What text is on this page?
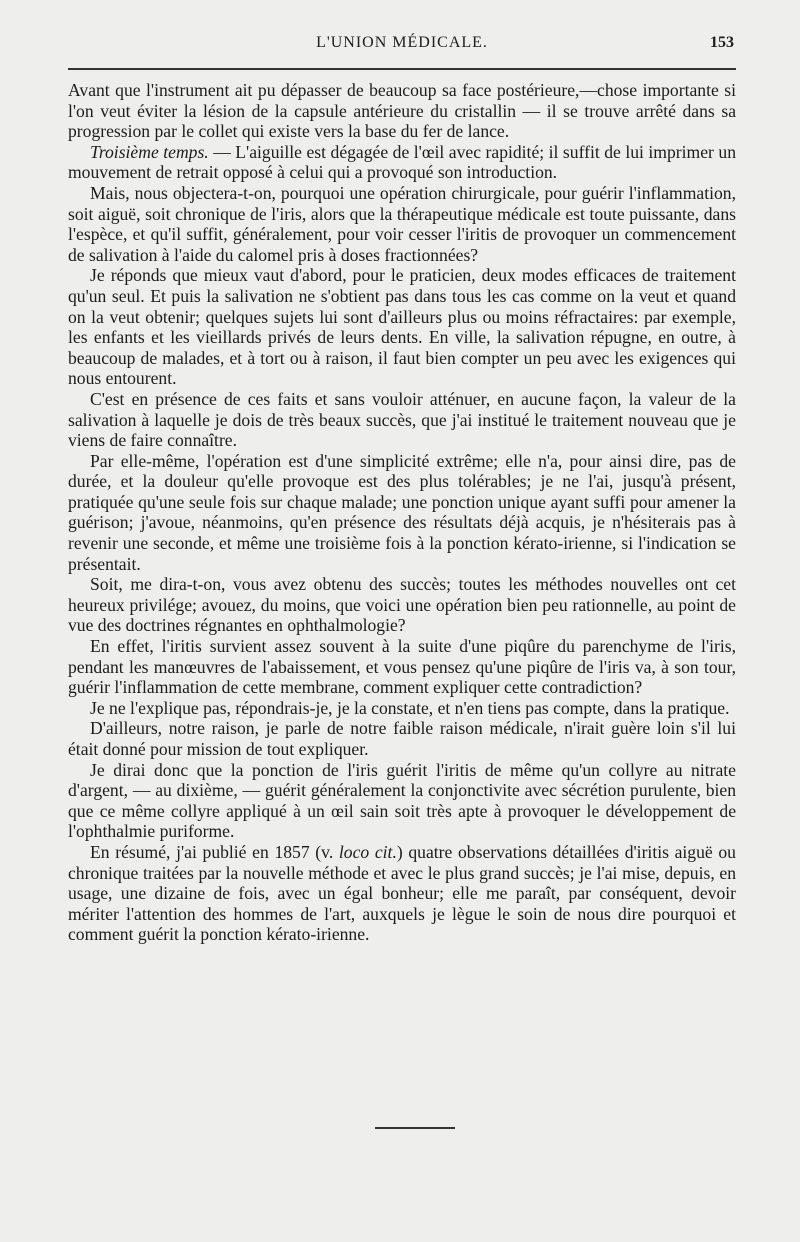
L'UNION MÉDICALE.	153

Avant que l'instrument ait pu dépasser de beaucoup sa face postérieure,—chose importante si l'on veut éviter la lésion de la capsule antérieure du cristallin — il se trouve arrêté dans sa progression par le collet qui existe vers la base du fer de lance.

Troisième temps. — L'aiguille est dégagée de l'œil avec rapidité; il suffit de lui imprimer un mouvement de retrait opposé à celui qui a provoqué son introduction.

Mais, nous objectera-t-on, pourquoi une opération chirurgicale, pour guérir l'inflammation, soit aiguë, soit chronique de l'iris, alors que la thérapeutique médicale est toute puissante, dans l'espèce, et qu'il suffit, généralement, pour voir cesser l'iritis de provoquer un commencement de salivation à l'aide du calomel pris à doses fractionnées?

Je réponds que mieux vaut d'abord, pour le praticien, deux modes efficaces de traitement qu'un seul. Et puis la salivation ne s'obtient pas dans tous les cas comme on la veut et quand on la veut obtenir; quelques sujets lui sont d'ailleurs plus ou moins réfractaires: par exemple, les enfants et les vieillards privés de leurs dents. En ville, la salivation répugne, en outre, à beaucoup de malades, et à tort ou à raison, il faut bien compter un peu avec les exigences qui nous entourent.

C'est en présence de ces faits et sans vouloir atténuer, en aucune façon, la valeur de la salivation à laquelle je dois de très beaux succès, que j'ai institué le traitement nouveau que je viens de faire connaître.

Par elle-même, l'opération est d'une simplicité extrême; elle n'a, pour ainsi dire, pas de durée, et la douleur qu'elle provoque est des plus tolérables; je ne l'ai, jusqu'à présent, pratiquée qu'une seule fois sur chaque malade; une ponction unique ayant suffi pour amener la guérison; j'avoue, néanmoins, qu'en présence des résultats déjà acquis, je n'hésiterais pas à revenir une seconde, et même une troisième fois à la ponction kérato-irienne, si l'indication se présentait.

Soit, me dira-t-on, vous avez obtenu des succès; toutes les méthodes nouvelles ont cet heureux privilége; avouez, du moins, que voici une opération bien peu rationnelle, au point de vue des doctrines régnantes en ophthalmologie?

En effet, l'iritis survient assez souvent à la suite d'une piqûre du parenchyme de l'iris, pendant les manœuvres de l'abaissement, et vous pensez qu'une piqûre de l'iris va, à son tour, guérir l'inflammation de cette membrane, comment expliquer cette contradiction?

Je ne l'explique pas, répondrais-je, je la constate, et n'en tiens pas compte, dans la pratique.

D'ailleurs, notre raison, je parle de notre faible raison médicale, n'irait guère loin s'il lui était donné pour mission de tout expliquer.

Je dirai donc que la ponction de l'iris guérit l'iritis de même qu'un collyre au nitrate d'argent, — au dixième, — guérit généralement la conjonctivite avec sécrétion purulente, bien que ce même collyre appliqué à un œil sain soit très apte à provoquer le développement de l'ophthalmie puriforme.

En résumé, j'ai publié en 1857 (v. loco cit.) quatre observations détaillées d'iritis aiguë ou chronique traitées par la nouvelle méthode et avec le plus grand succès; je l'ai mise, depuis, en usage, une dizaine de fois, avec un égal bonheur; elle me paraît, par conséquent, devoir mériter l'attention des hommes de l'art, auxquels je lègue le soin de nous dire pourquoi et comment guérit la ponction kérato-irienne.
